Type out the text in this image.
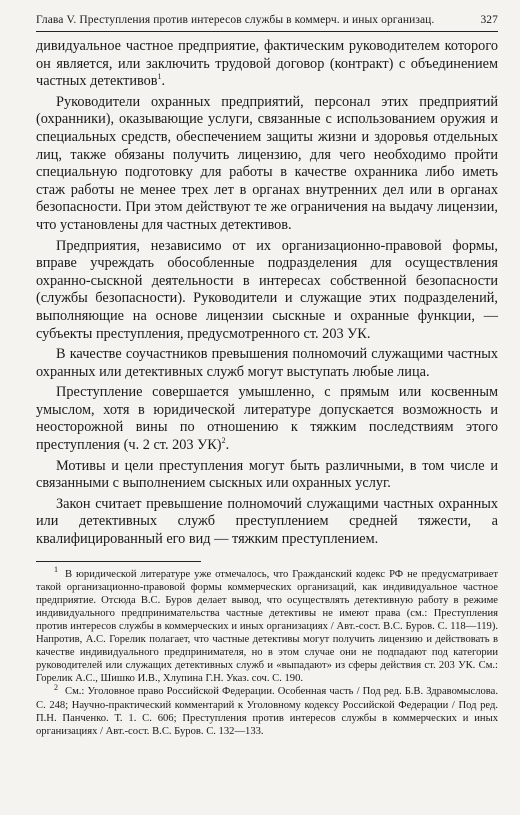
Глава V. Преступления против интересов службы в коммерч. и иных организац.	327

дивидуальное частное предприятие, фактическим руководителем которого он является, или заключить трудовой договор (контракт) с объединением частных детективов$^1$.

Руководители охранных предприятий, персонал этих предприятий (охранники), оказывающие услуги, связанные с использованием оружия и специальных средств, обеспечением защиты жизни и здоровья отдельных лиц, также обязаны получить лицензию, для чего необходимо пройти специальную подготовку для работы в качестве охранника либо иметь стаж работы не менее трех лет в органах внутренних дел или в органах безопасности. При этом действуют те же ограничения на выдачу лицензии, что установлены для частных детективов.

Предприятия, независимо от их организационно-правовой формы, вправе учреждать обособленные подразделения для осуществления охранно-сыскной деятельности в интересах собственной безопасности (службы безопасности). Руководители и служащие этих подразделений, выполняющие на основе лицензии сыскные и охранные функции, — субъекты преступления, предусмотренного ст. 203 УК.

В качестве соучастников превышения полномочий служащими частных охранных или детективных служб могут выступать любые лица.

Преступление совершается умышленно, с прямым или косвенным умыслом, хотя в юридической литературе допускается возможность и неосторожной вины по отношению к тяжким последствиям этого преступления (ч. 2 ст. 203 УК)$^2$.

Мотивы и цели преступления могут быть различными, в том числе и связанными с выполнением сыскных или охранных услуг.

Закон считает превышение полномочий служащими частных охранных или детективных служб преступлением средней тяжести, а квалифицированный его вид — тяжким преступлением.

$^1$ В юридической литературе уже отмечалось, что Гражданский кодекс РФ не предусматривает такой организационно-правовой формы коммерческих организаций, как индивидуальное частное предприятие. Отсюда В.С. Буров делает вывод, что осуществлять детективную работу в режиме индивидуального предпринимательства частные детективы не имеют права (см.: Преступления против интересов службы в коммерческих и иных организациях / Авт.-сост. В.С. Буров. С. 118—119). Напротив, А.С. Горелик полагает, что частные детективы могут получить лицензию и действовать в качестве индивидуального предпринимателя, но в этом случае они не подпадают под категории руководителей или служащих детективных служб и «выпадают» из сферы действия ст. 203 УК. См.: Горелик А.С., Шишко И.В., Хлупина Г.Н. Указ. соч. С. 190.

$^2$ См.: Уголовное право Российской Федерации. Особенная часть / Под ред. Б.В. Здравомыслова. С. 248; Научно-практический комментарий к Уголовному кодексу Российской Федерации / Под ред. П.Н. Панченко. Т. 1. С. 606; Преступления против интересов службы в коммерческих и иных организациях / Авт.-сост. В.С. Буров. С. 132—133.
